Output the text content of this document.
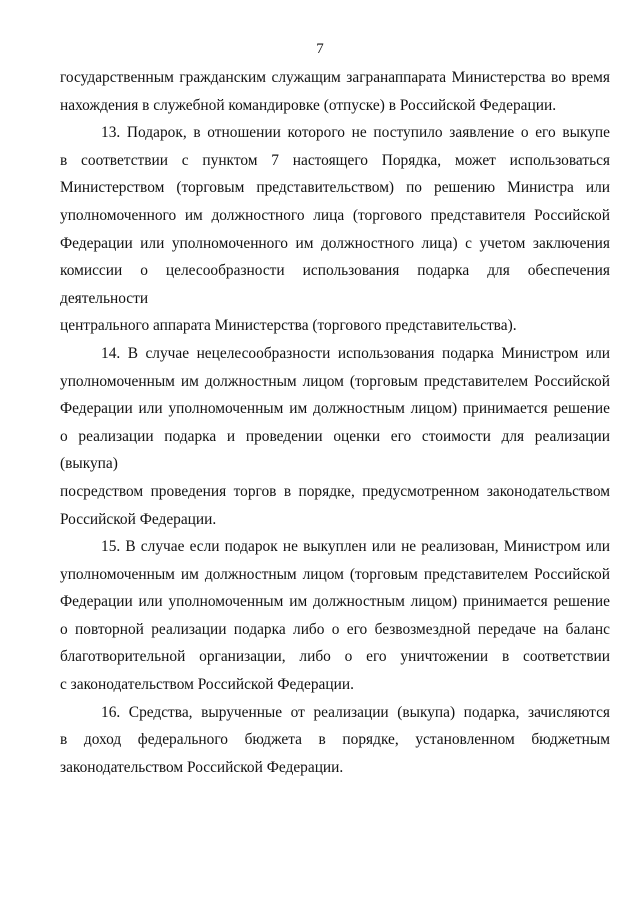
7
государственным гражданским служащим загранаппарата Министерства во время
нахождения в служебной командировке (отпуске) в Российской Федерации.
13. Подарок, в отношении которого не поступило заявление о его выкупе
в соответствии с пунктом 7 настоящего Порядка, может использоваться
Министерством (торговым представительством) по решению Министра или
уполномоченного им должностного лица (торгового представителя Российской
Федерации или уполномоченного им должностного лица) с учетом заключения
комиссии о целесообразности использования подарка для обеспечения деятельности
центрального аппарата Министерства (торгового представительства).
14. В случае нецелесообразности использования подарка Министром или
уполномоченным им должностным лицом (торговым представителем Российской
Федерации или уполномоченным им должностным лицом) принимается решение
о реализации подарка и проведении оценки его стоимости для реализации (выкупа)
посредством проведения торгов в порядке, предусмотренном законодательством
Российской Федерации.
15. В случае если подарок не выкуплен или не реализован, Министром или
уполномоченным им должностным лицом (торговым представителем Российской
Федерации или уполномоченным им должностным лицом) принимается решение
о повторной реализации подарка либо о его безвозмездной передаче на баланс
благотворительной организации, либо о его уничтожении в соответствии
с законодательством Российской Федерации.
16. Средства, вырученные от реализации (выкупа) подарка, зачисляются
в доход федерального бюджета в порядке, установленном бюджетным
законодательством Российской Федерации.
